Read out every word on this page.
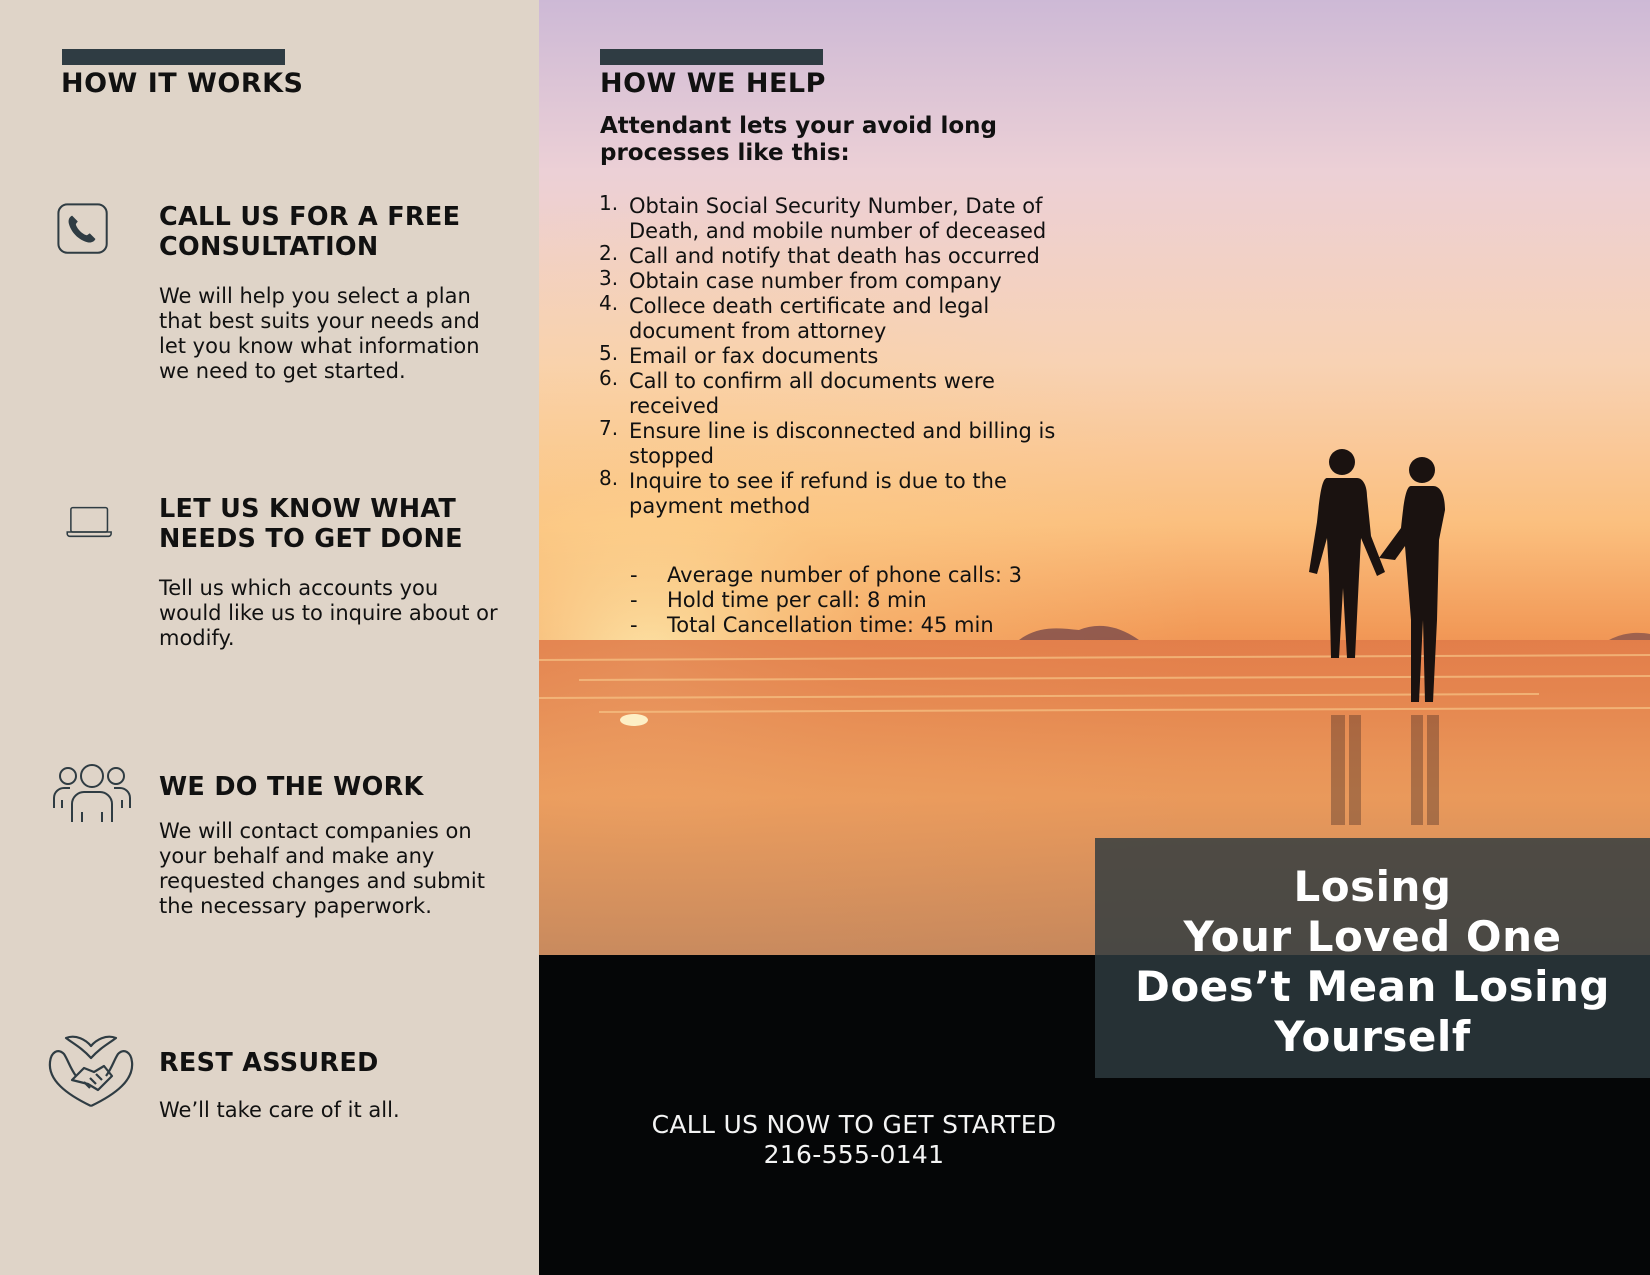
HOW IT WORKS
CALL US FOR A FREE CONSULTATION
We will help you select a plan that best suits your needs and let you know what information we need to get started.
LET US KNOW WHAT NEEDS TO GET DONE
Tell us which accounts you would like us to inquire about or modify.
WE DO THE WORK
We will contact companies on your behalf and make any requested changes and submit the necessary paperwork.
REST ASSURED
We’ll take care of it all.
HOW WE HELP
Attendant lets your avoid long processes like this:
1. Obtain Social Security Number, Date of Death, and mobile number of deceased
2. Call and notify that death has occurred
3. Obtain case number from company
4. Collece death certificate and legal document from attorney
5. Email or fax documents
6. Call to confirm all documents were received
7. Ensure line is disconnected and billing is stopped
8. Inquire to see if refund is due to the payment method
- Average number of phone calls: 3
- Hold time per call: 8 min
- Total Cancellation time: 45 min
CALL US NOW TO GET STARTED
216-555-0141
Losing
Your Loved One
Does’t Mean Losing
Yourself
